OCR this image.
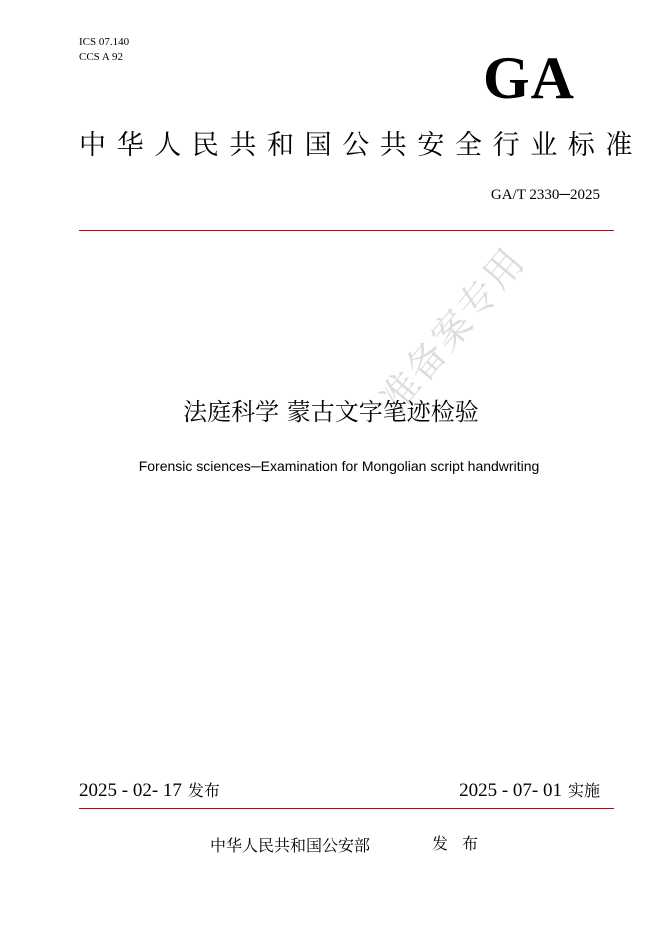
ICS 07.140
CCS A 92	GA
中华人民共和国公共安全行业标准
GA/T 2330─2025
准备案专用
法庭科学 蒙古文字笔迹检验
Forensic sciences─Examination for Mongolian script handwriting
2025 - 02- 17 发布	2025 - 07- 01 实施
中华人民共和国公安部	发布
